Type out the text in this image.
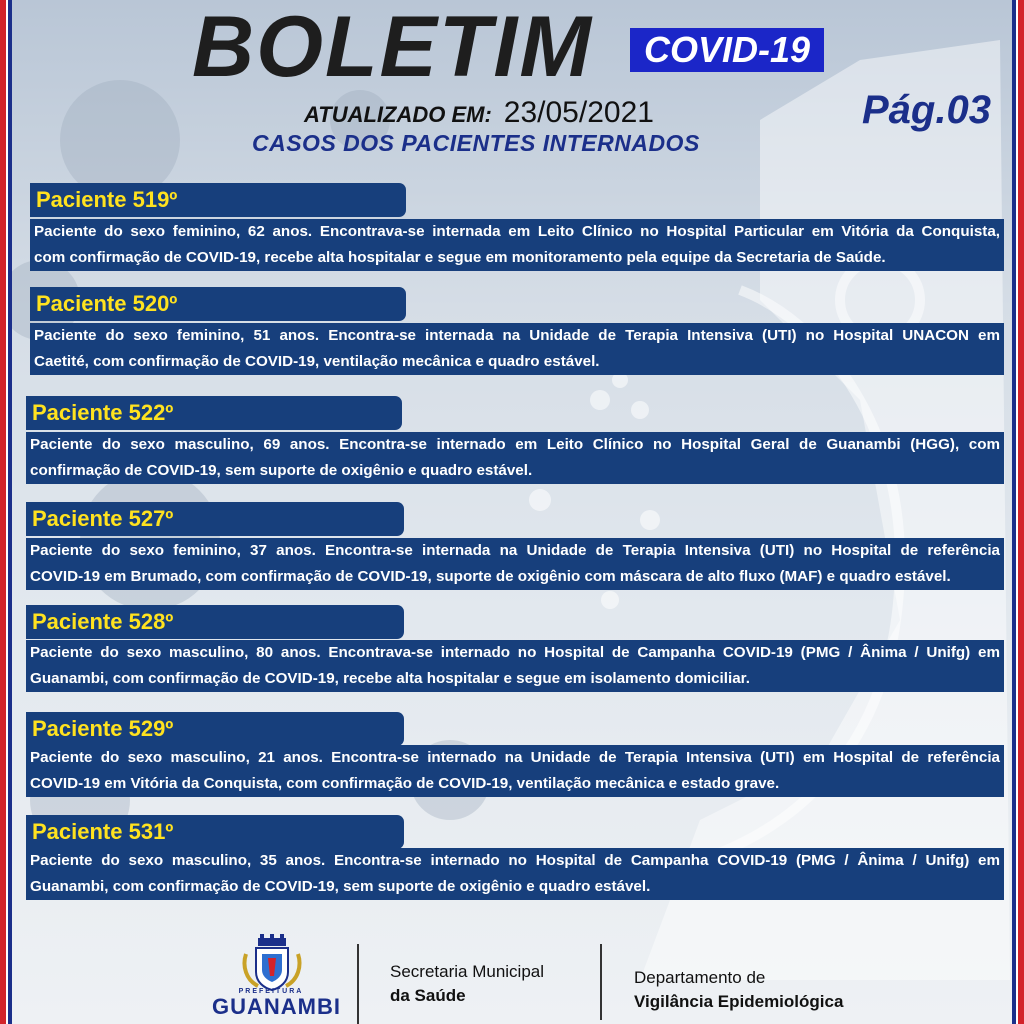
BOLETIM	COVID-19
ATUALIZADO EM: 23/05/2021	Pág.03
CASOS DOS PACIENTES INTERNADOS
Paciente 519º
Paciente do sexo feminino, 62 anos. Encontrava-se internada em Leito Clínico no Hospital Particular em Vitória da Conquista,
com confirmação de COVID-19, recebe alta hospitalar e segue em monitoramento pela equipe da Secretaria de Saúde.
Paciente 520º
Paciente do sexo feminino, 51 anos. Encontra-se internada na Unidade de Terapia Intensiva (UTI) no Hospital UNACON em
Caetité, com confirmação de COVID-19, ventilação mecânica e quadro estável.
Paciente 522º
Paciente do sexo masculino, 69 anos. Encontra-se internado em Leito Clínico no Hospital Geral de Guanambi (HGG), com
confirmação de COVID-19, sem suporte de oxigênio e quadro estável.
Paciente 527º
Paciente do sexo feminino, 37 anos. Encontra-se internada na Unidade de Terapia Intensiva (UTI) no Hospital de referência
COVID-19 em Brumado, com confirmação de COVID-19, suporte de oxigênio com máscara de alto fluxo (MAF) e quadro estável.
Paciente 528º
Paciente do sexo masculino, 80 anos. Encontrava-se internado no Hospital de Campanha COVID-19 (PMG / Ânima / Unifg) em
Guanambi, com confirmação de COVID-19, recebe alta hospitalar e segue em isolamento domiciliar.
Paciente 529º
Paciente do sexo masculino, 21 anos. Encontra-se internado na Unidade de Terapia Intensiva (UTI) em Hospital de referência
COVID-19 em Vitória da Conquista, com confirmação de COVID-19, ventilação mecânica e estado grave.
Paciente 531º
Paciente do sexo masculino, 35 anos. Encontra-se internado no Hospital de Campanha COVID-19 (PMG / Ânima / Unifg) em
Guanambi, com confirmação de COVID-19, sem suporte de oxigênio e quadro estável.
PREFEITURA
GUANAMBI
Secretaria Municipal
da Saúde
Departamento de
Vigilância Epidemiológica
